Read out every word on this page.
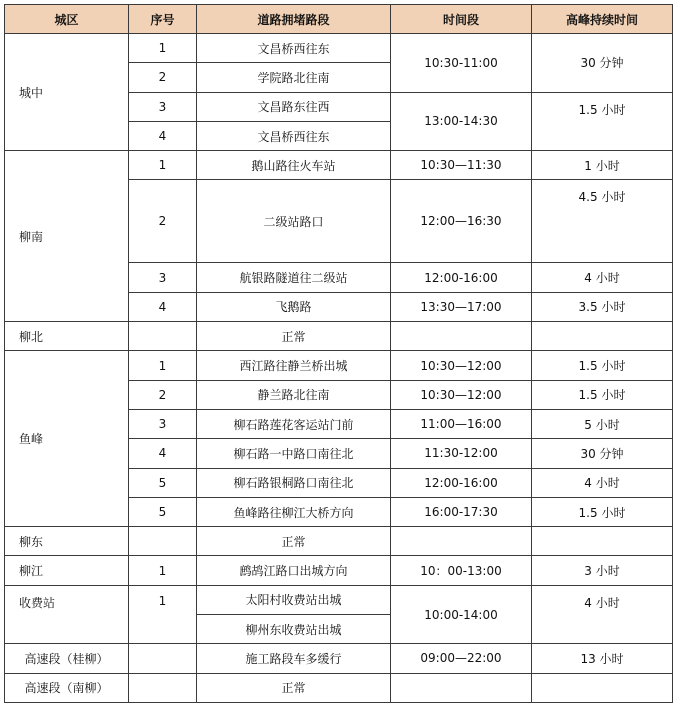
城区	序号	道路拥堵路段	时间段	高峰持续时间
城中	1	文昌桥西往东	10:30-11:00	30 分钟
	2	学院路北往南		
	3	文昌路东往西	13:00-14:30	1.5 小时
	4	文昌桥西往东		
柳南	1	鹅山路往火车站	10:30—11:30	1 小时
	2	二级站路口	12:00—16:30	4.5 小时
	3	航银路隧道往二级站	12:00-16:00	4 小时
	4	飞鹅路	13:30—17:00	3.5 小时
柳北		正常		
鱼峰	1	西江路往静兰桥出城	10:30—12:00	1.5 小时
	2	静兰路北往南	10:30—12:00	1.5 小时
	3	柳石路莲花客运站门前	11:00—16:00	5 小时
	4	柳石路一中路口南往北	11:30-12:00	30 分钟
	5	柳石路银桐路口南往北	12:00-16:00	4 小时
	5	鱼峰路往柳江大桥方向	16:00-17:30	1.5 小时
柳东		正常		
柳江	1	鹧鸪江路口出城方向	10：00-13:00	3 小时
收费站	1	太阳村收费站出城	10:00-14:00	4 小时
		柳州东收费站出城		
高速段（桂柳）		施工路段车多缓行	09:00—22:00	13 小时
高速段（南柳）		正常		
